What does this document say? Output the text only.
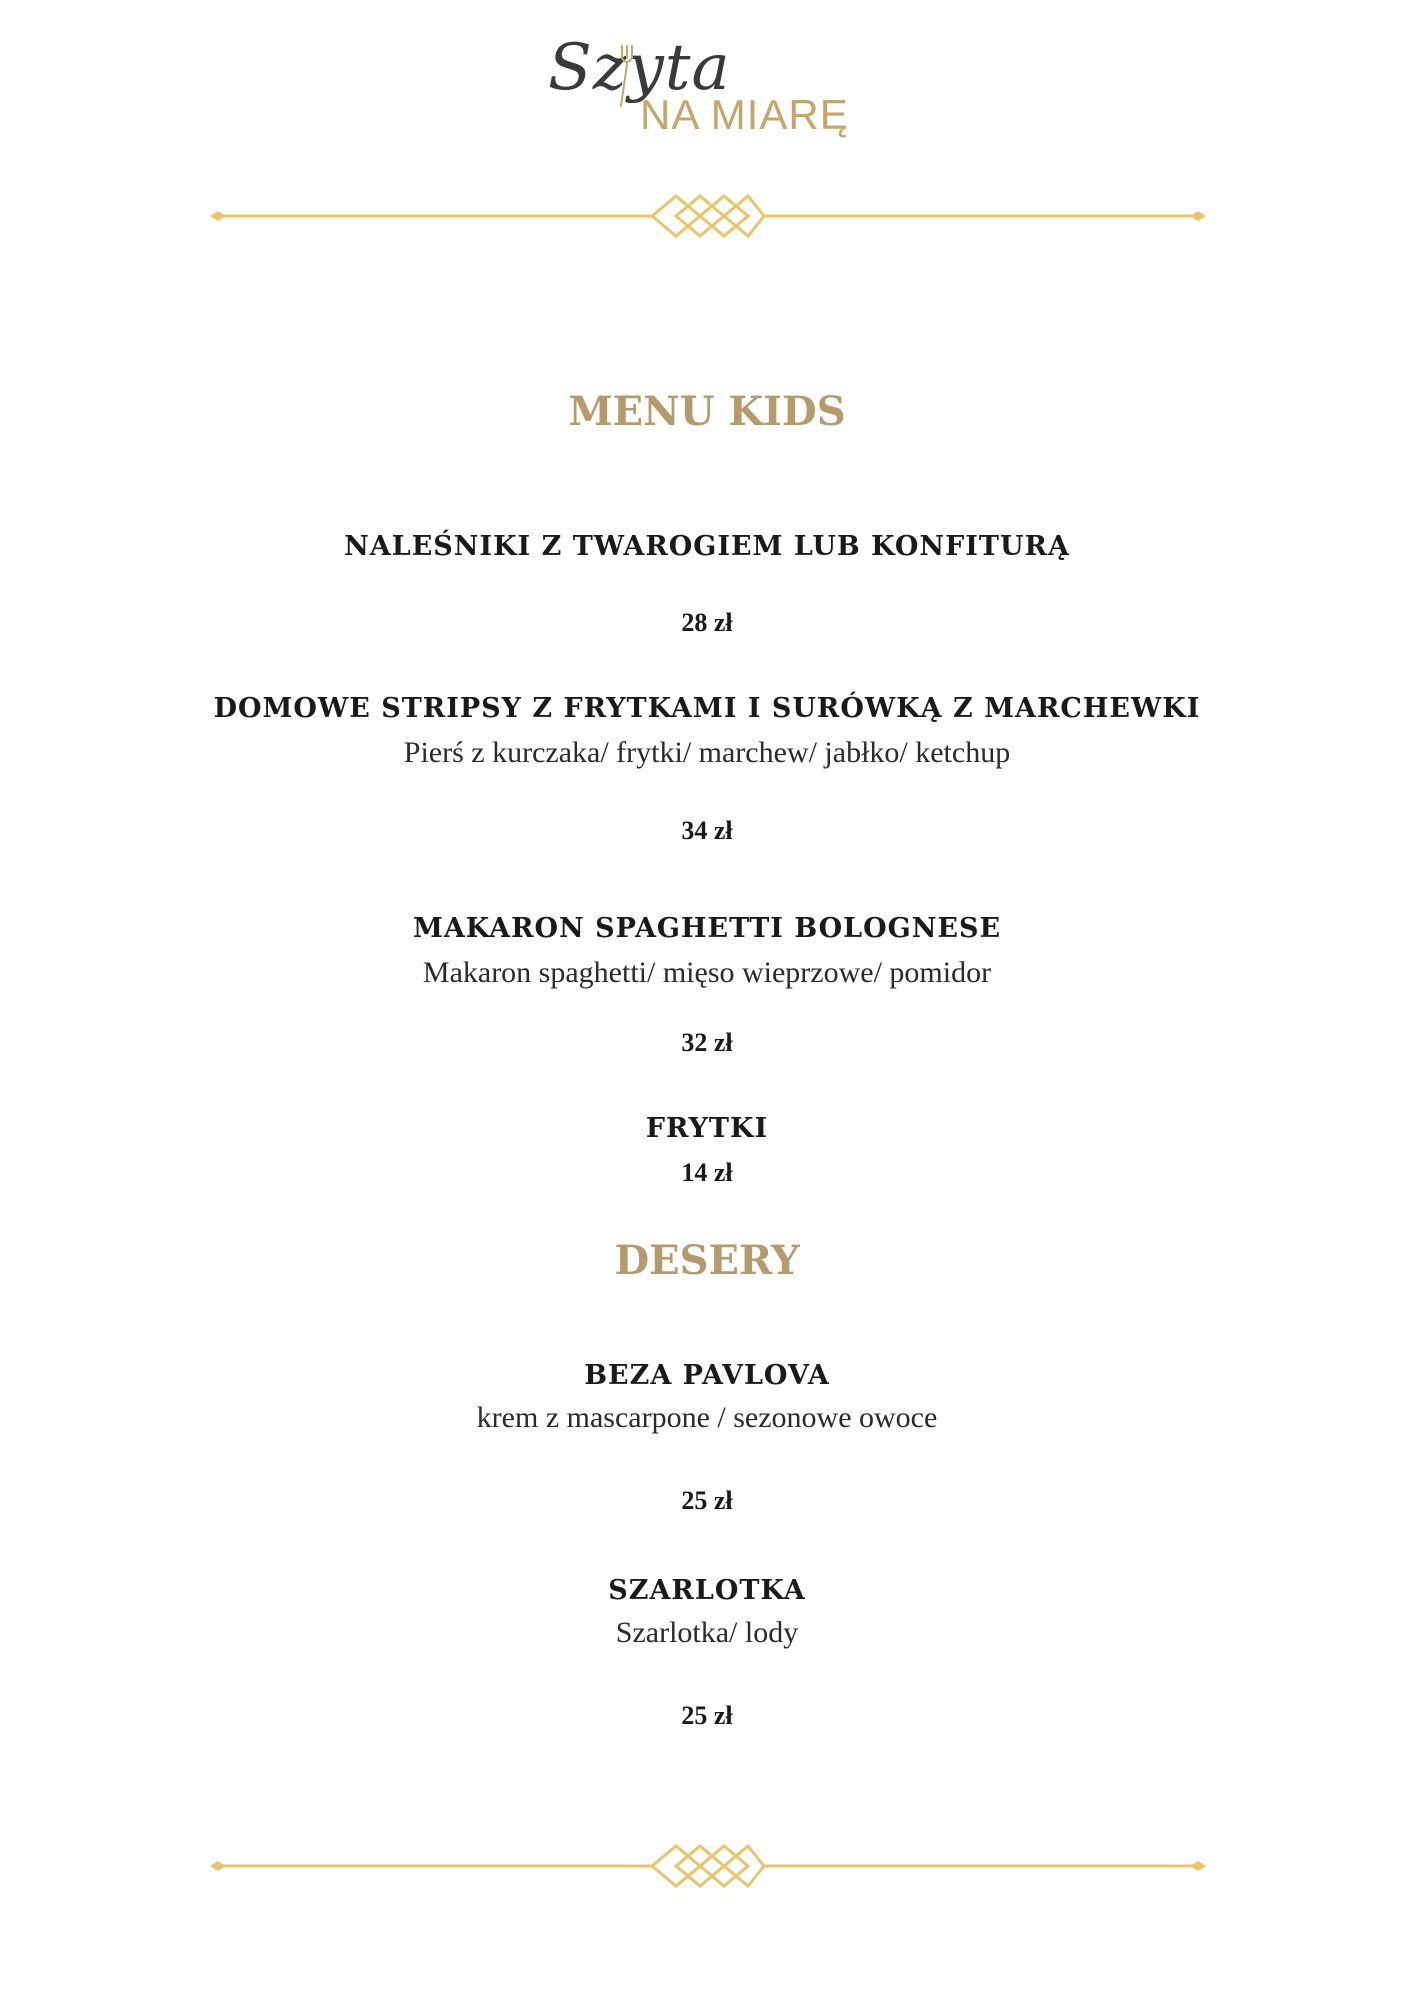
Szyta
NA MIARĘ
MENU KIDS
NALEŚNIKI Z TWAROGIEM LUB KONFITURĄ
28 zł
DOMOWE STRIPSY Z FRYTKAMI I SURÓWKĄ Z MARCHEWKI
Pierś z kurczaka/ frytki/ marchew/ jabłko/ ketchup
34 zł
MAKARON SPAGHETTI BOLOGNESE
Makaron spaghetti/ mięso wieprzowe/ pomidor
32 zł
FRYTKI
14 zł
DESERY
BEZA PAVLOVA
krem z mascarpone / sezonowe owoce
25 zł
SZARLOTKA
Szarlotka/ lody
25 zł
